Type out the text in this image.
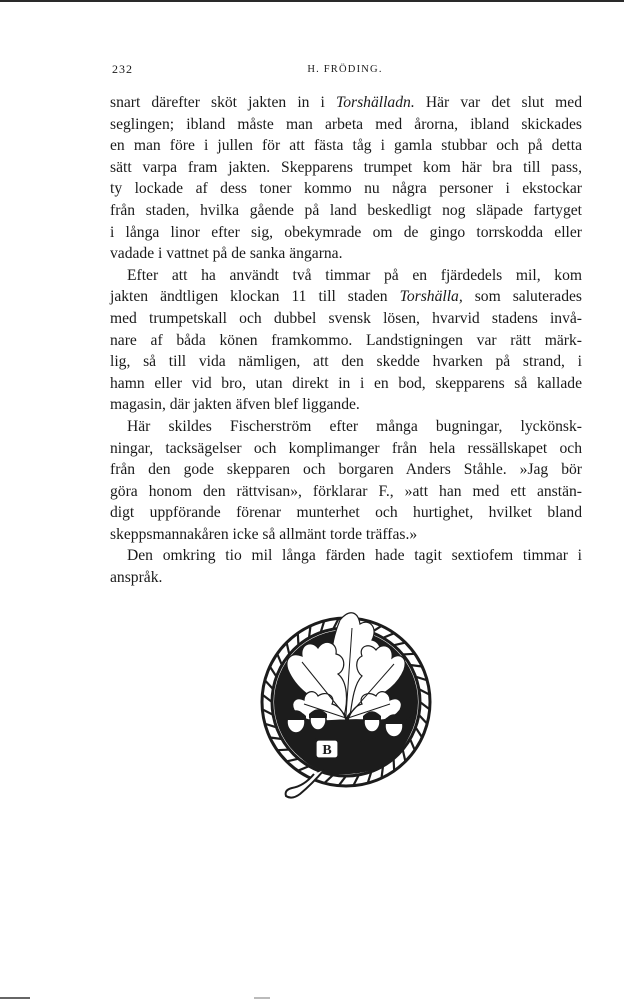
232	H. FRÖDING.

snart därefter sköt jakten in i Torshälladn. Här var det slut med
seglingen; ibland måste man arbeta med årorna, ibland skickades
en man före i jullen för att fästa tåg i gamla stubbar och på detta
sätt varpa fram jakten. Skepparens trumpet kom här bra till pass,
ty lockade af dess toner kommo nu några personer i ekstockar
från staden, hvilka gående på land beskedligt nog släpade fartyget
i långa linor efter sig, obekymrade om de gingo torrskodda eller
vadade i vattnet på de sanka ängarna.

Efter att ha användt två timmar på en fjärdedels mil, kom
jakten ändtligen klockan 11 till staden Torshälla, som saluterades
med trumpetskall och dubbel svensk lösen, hvarvid stadens invå-
nare af båda könen framkommo. Landstigningen var rätt märk-
lig, så till vida nämligen, att den skedde hvarken på strand, i
hamn eller vid bro, utan direkt in i en bod, skepparens så kallade
magasin, där jakten äfven blef liggande.

Här skildes Fischerström efter många bugningar, lyckönsk-
ningar, tacksägelser och komplimanger från hela ressällskapet och
från den gode skepparen och borgaren Anders Ståhle. »Jag bör
göra honom den rättvisan», förklarar F., »att han med ett anstän-
digt uppförande förenar munterhet och hurtighet, hvilket bland
skeppsmannakåren icke så allmänt torde träffas.»

Den omkring tio mil långa färden hade tagit sextiofem timmar i
anspråk.

B
